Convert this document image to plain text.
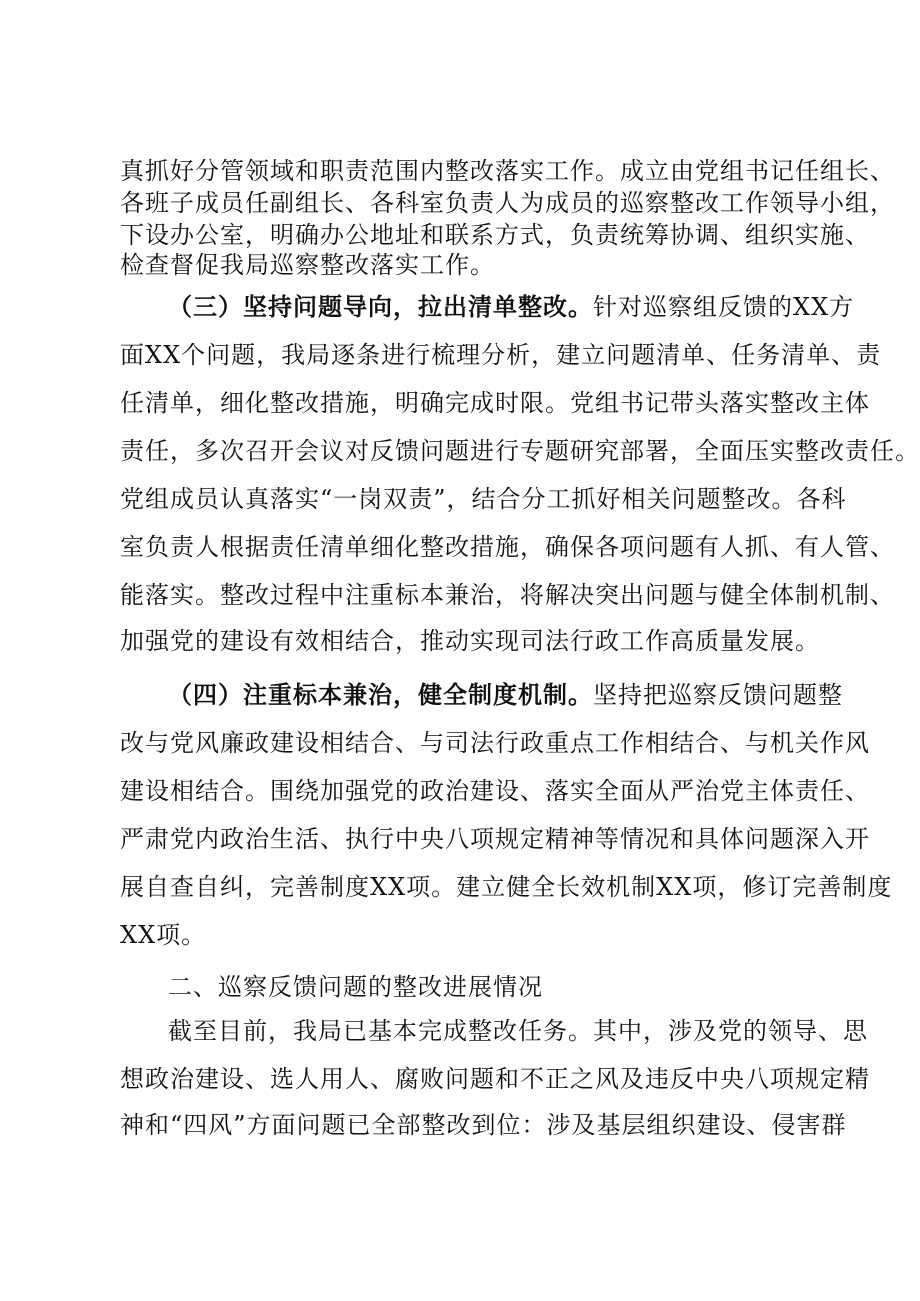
真抓好分管领域和职责范围内整改落实工作。成立由党组书记任组长、
各班子成员任副组长、各科室负责人为成员的巡察整改工作领导小组，
下设办公室，明确办公地址和联系方式，负责统筹协调、组织实施、
检查督促我局巡察整改落实工作。
（三）坚持问题导向，拉出清单整改。针对巡察组反馈的XX方
面XX个问题，我局逐条进行梳理分析，建立问题清单、任务清单、责
任清单，细化整改措施，明确完成时限。党组书记带头落实整改主体
责任，多次召开会议对反馈问题进行专题研究部署，全面压实整改责任。
党组成员认真落实“一岗双责”，结合分工抓好相关问题整改。各科
室负责人根据责任清单细化整改措施，确保各项问题有人抓、有人管、
能落实。整改过程中注重标本兼治，将解决突出问题与健全体制机制、
加强党的建设有效相结合，推动实现司法行政工作高质量发展。
（四）注重标本兼治，健全制度机制。坚持把巡察反馈问题整
改与党风廉政建设相结合、与司法行政重点工作相结合、与机关作风
建设相结合。围绕加强党的政治建设、落实全面从严治党主体责任、
严肃党内政治生活、执行中央八项规定精神等情况和具体问题深入开
展自查自纠，完善制度XX项。建立健全长效机制XX项，修订完善制度
XX项。
二、巡察反馈问题的整改进展情况
截至目前，我局已基本完成整改任务。其中，涉及党的领导、思
想政治建设、选人用人、腐败问题和不正之风及违反中央八项规定精
神和“四风”方面问题已全部整改到位：涉及基层组织建设、侵害群
